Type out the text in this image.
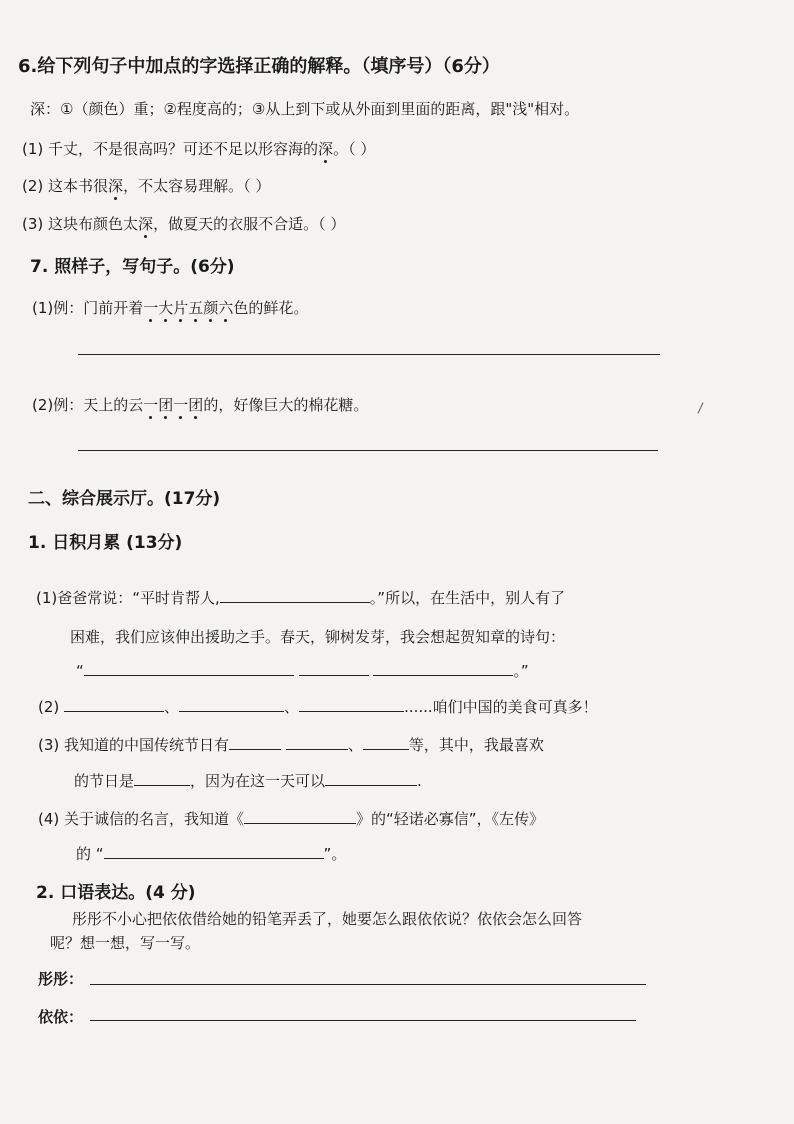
6.给下列句子中加点的字选择正确的解释。（填序号）（6分）
深：①（颜色）重；②程度高的；③从上到下或从外面到里面的距离，跟"浅"相对。
(1) 千丈，不是很高吗？可还不足以形容海的深。（ ）
(2) 这本书很深，不太容易理解。（ ）
(3) 这块布颜色太深，做夏天的衣服不合适。（ ）
7. 照样子，写句子。(6分)
(1)例：门前开着一大片五颜六色的鲜花。
(2)例：天上的云一团一团的，好像巨大的棉花糖。
二、综合展示厅。(17分)
1. 日积月累 (13分)
(1)爸爸常说：“平时肯帮人,	。”所以，在生活中，别人有了
困难，我们应该伸出援助之手。春天，铆树发芽，我会想起贺知章的诗句：
“	。”
(2)	、	、	......咱们中国的美食可真多！
(3) 我知道的中国传统节日有	、	等，其中，我最喜欢
的节日是	，因为在这一天可以	.
(4) 关于诚信的名言，我知道《	》的“轻诺必寡信”，《左传》
的 “	”。
2. 口语表达。(4 分)
彤彤不小心把依依借给她的铅笔弄丢了，她要怎么跟依依说？依依会怎么回答
呢？想一想，写一写。
彤彤：
依依：
